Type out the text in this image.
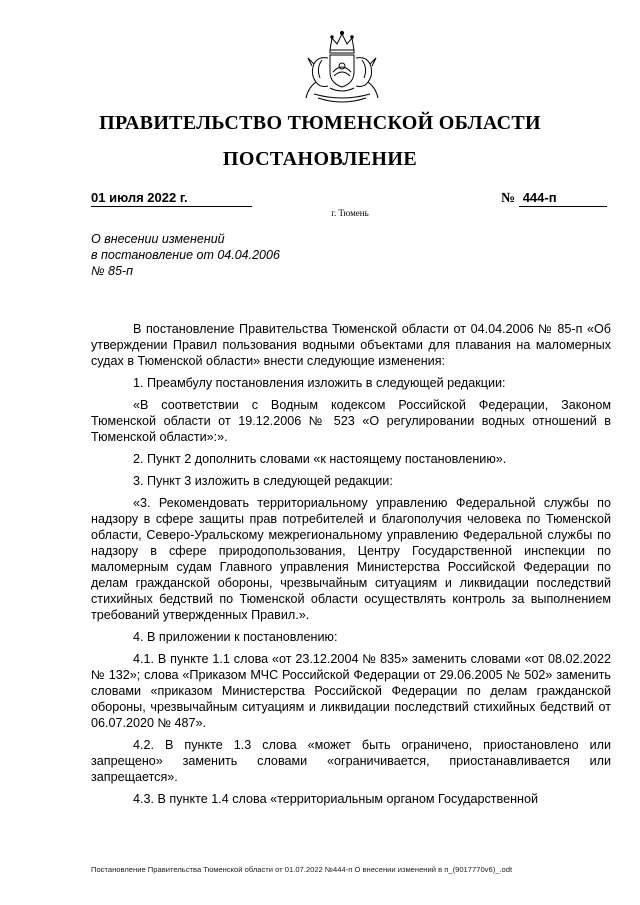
ПРАВИТЕЛЬСТВО ТЮМЕНСКОЙ ОБЛАСТИ
ПОСТАНОВЛЕНИЕ
01 июля 2022 г.	№ 444-п
г. Тюмень
О внесении изменений
в постановление от 04.04.2006
№ 85-п

В постановление Правительства Тюменской области от 04.04.2006 № 85-п «Об утверждении Правил пользования водными объектами для плавания на маломерных судах в Тюменской области» внести следующие изменения:

1. Преамбулу постановления изложить в следующей редакции:

«В соответствии с Водным кодексом Российской Федерации, Законом Тюменской области от 19.12.2006 № 523 «О регулировании водных отношений в Тюменской области»:».

2. Пункт 2 дополнить словами «к настоящему постановлению».

3. Пункт 3 изложить в следующей редакции:

«3. Рекомендовать территориальному управлению Федеральной службы по надзору в сфере защиты прав потребителей и благополучия человека по Тюменской области, Северо-Уральскому межрегиональному управлению Федеральной службы по надзору в сфере природопользования, Центру Государственной инспекции по маломерным судам Главного управления Министерства Российской Федерации по делам гражданской обороны, чрезвычайным ситуациям и ликвидации последствий стихийных бедствий по Тюменской области осуществлять контроль за выполнением требований утвержденных Правил.».

4. В приложении к постановлению:

4.1. В пункте 1.1 слова «от 23.12.2004 № 835» заменить словами «от 08.02.2022 № 132»; слова «Приказом МЧС Российской Федерации от 29.06.2005 № 502» заменить словами «приказом Министерства Российской Федерации по делам гражданской обороны, чрезвычайным ситуациям и ликвидации последствий стихийных бедствий от 06.07.2020 № 487».

4.2. В пункте 1.3 слова «может быть ограничено, приостановлено или запрещено» заменить словами «ограничивается, приостанавливается или запрещается».

4.3. В пункте 1.4 слова «территориальным органом Государственной

Постановление Правительства Тюменской области от 01.07.2022 №444-п О внесении изменений в п_(9017770v6)_.odt
